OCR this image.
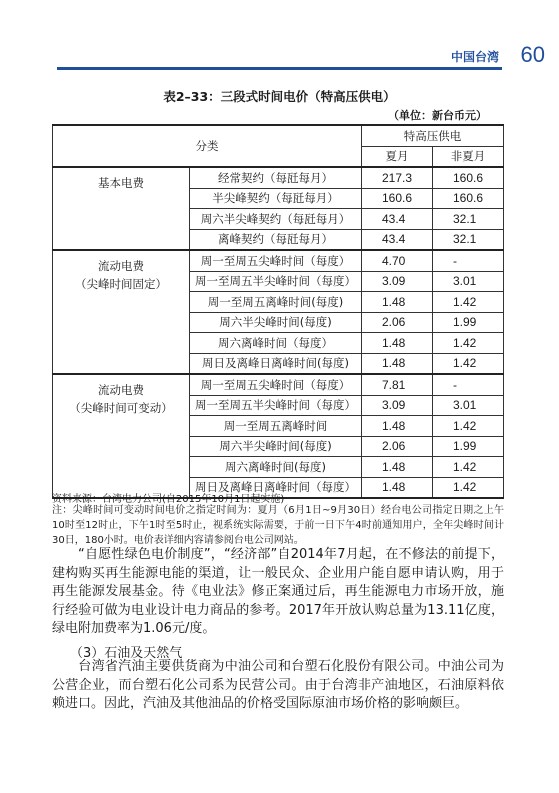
中国台湾 60
表2–33：三段式时间电价（特高压供电）
（单位：新台币元）
分类		特高压供电	
		夏月	非夏月

基本电费	经常契约（每瓩每月）	217.3	160.6
	半尖峰契约（每瓩每月）	160.6	160.6
	周六半尖峰契约（每瓩每月）	43.4	32.1
	离峰契约（每瓩每月）	43.4	32.1

流动电费
（尖峰时间固定）	周一至周五尖峰时间（每度）	4.70	-
	周一至周五半尖峰时间（每度）	3.09	3.01
	周一至周五离峰时间(每度)	1.48	1.42
	周六半尖峰时间(每度)	2.06	1.99
	周六离峰时间（每度）	1.48	1.42
	周日及离峰日离峰时间(每度)	1.48	1.42

流动电费
（尖峰时间可变动）	周一至周五尖峰时间（每度）	7.81	-
	周一至周五半尖峰时间（每度）	3.09	3.01
	周一至周五离峰时间	1.48	1.42
	周六半尖峰时间(每度)	2.06	1.99
	周六离峰时间(每度)	1.48	1.42
	周日及离峰日离峰时间（每度）	1.48	1.42
资料来源：台湾电力公司(自2015年10月1日起实施)
注：尖峰时间可变动时间电价之指定时间为：夏月（6月1日~9月30日）经台电公司指定日期之上午10时至12时止，下午1时至5时止，视系统实际需要，于前一日下午4时前通知用户，全年尖峰时间计30日，180小时。电价表详细内容请参阅台电公司网站。
“自愿性绿色电价制度”，“经济部”自2014年7月起，在不修法的前提下，建构购买再生能源电能的渠道，让一般民众、企业用户能自愿申请认购，用于再生能源发展基金。待《电业法》修正案通过后，再生能源电力市场开放，施行经验可做为电业设计电力商品的参考。2017年开放认购总量为13.11亿度，绿电附加费率为1.06元/度。
（3）石油及天然气
台湾省汽油主要供货商为中油公司和台塑石化股份有限公司。中油公司为公营企业，而台塑石化公司系为民营公司。由于台湾非产油地区，石油原料依赖进口。因此，汽油及其他油品的价格受国际原油市场价格的影响颇巨。
